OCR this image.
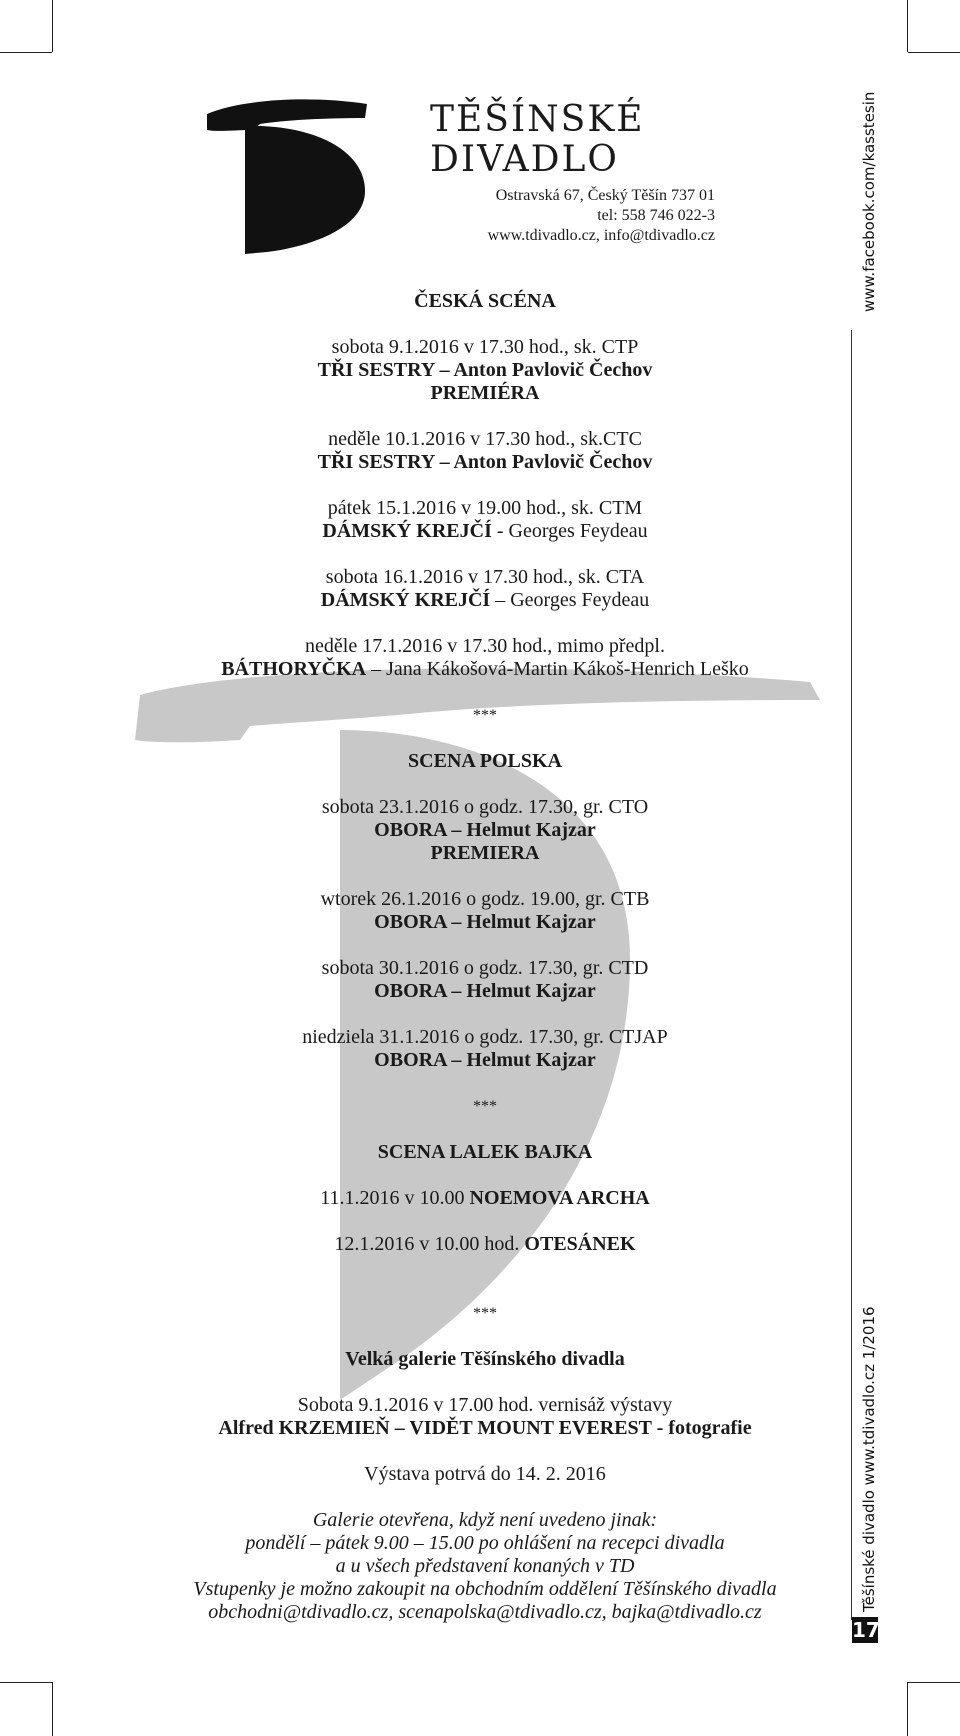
TĚŠÍNSKÉ
DIVADLO
Ostravská 67, Český Těšín 737 01
tel: 558 746 022-3
www.tdivadlo.cz, info@tdivadlo.cz
ČESKÁ SCÉNA
sobota 9.1.2016 v 17.30 hod., sk. CTP
TŘI SESTRY – Anton Pavlovič Čechov
PREMIÉRA
neděle 10.1.2016 v 17.30 hod., sk.CTC
TŘI SESTRY – Anton Pavlovič Čechov
pátek 15.1.2016 v 19.00 hod., sk. CTM
DÁMSKÝ KREJČÍ - Georges Feydeau
sobota 16.1.2016 v 17.30 hod., sk. CTA
DÁMSKÝ KREJČÍ – Georges Feydeau
neděle 17.1.2016 v 17.30 hod., mimo předpl.
BÁTHORYČKA – Jana Kákošová-Martin Kákoš-Henrich Leško
***
SCENA POLSKA
sobota 23.1.2016 o godz. 17.30, gr. CTO
OBORA – Helmut Kajzar
PREMIERA
wtorek 26.1.2016 o godz. 19.00, gr. CTB
OBORA – Helmut Kajzar
sobota 30.1.2016 o godz. 17.30, gr. CTD
OBORA – Helmut Kajzar
niedziela 31.1.2016 o godz. 17.30, gr. CTJAP
OBORA – Helmut Kajzar
***
SCENA LALEK BAJKA
11.1.2016 v 10.00 NOEMOVA ARCHA
12.1.2016 v 10.00 hod. OTESÁNEK
***
Velká galerie Těšínského divadla
Sobota 9.1.2016 v 17.00 hod. vernisáž výstavy
Alfred KRZEMIEŇ – VIDĚT MOUNT EVEREST - fotografie
Výstava potrvá do 14. 2. 2016
Galerie otevřena, když není uvedeno jinak:
pondělí – pátek 9.00 – 15.00 po ohlášení na recepci divadla
a u všech představení konaných v TD
Vstupenky je možno zakoupit na obchodním oddělení Těšínského divadla
obchodni@tdivadlo.cz, scenapolska@tdivadlo.cz, bajka@tdivadlo.cz
www.facebook.com/kasstesin
Těšínské divadlo www.tdivadlo.cz 1/2016
17
